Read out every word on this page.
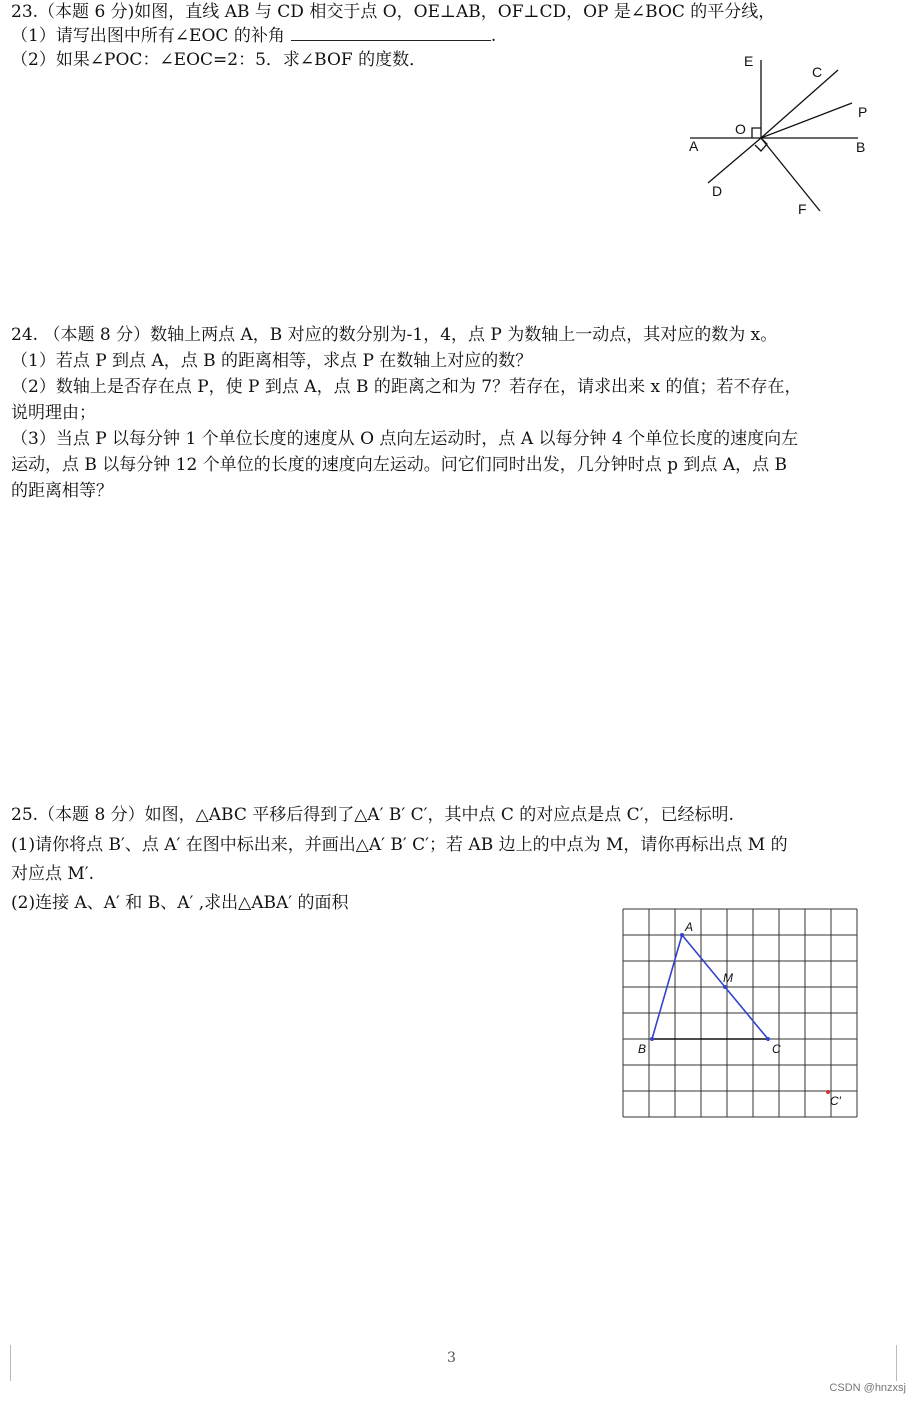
23.（本题 6 分)如图，直线 AB 与 CD 相交于点 O，OE⊥AB，OF⊥CD，OP 是∠BOC 的平分线，
（1）请写出图中所有∠EOC 的补角	.
（2）如果∠POC：∠EOC=2：5．求∠BOF 的度数．	E
C
P
O
A	B
D
F
24. （本题 8 分）数轴上两点 A，B 对应的数分别为-1，4，点 P 为数轴上一动点，其对应的数为 x。
（1）若点 P 到点 A，点 B 的距离相等，求点 P 在数轴上对应的数？
（2）数轴上是否存在点 P，使 P 到点 A，点 B 的距离之和为 7？若存在，请求出来 x 的值；若不存在，
说明理由；
（3）当点 P 以每分钟 1 个单位长度的速度从 O 点向左运动时，点 A 以每分钟 4 个单位长度的速度向左
运动，点 B 以每分钟 12 个单位的长度的速度向左运动。问它们同时出发，几分钟时点 p 到点 A，点 B
的距离相等？
25.（本题 8 分）如图，△ABC 平移后得到了△A′ B′ C′，其中点 C 的对应点是点 C′，已经标明.
(1)请你将点 B′、点 A′ 在图中标出来，并画出△A′ B′ C′；若 AB 边上的中点为 M，请你再标出点 M 的
对应点 M′.
(2)连接 A、A′ 和 B、A′ ,求出△ABA′ 的面积
A
M
B	C
C′
3
CSDN @hnzxsj
